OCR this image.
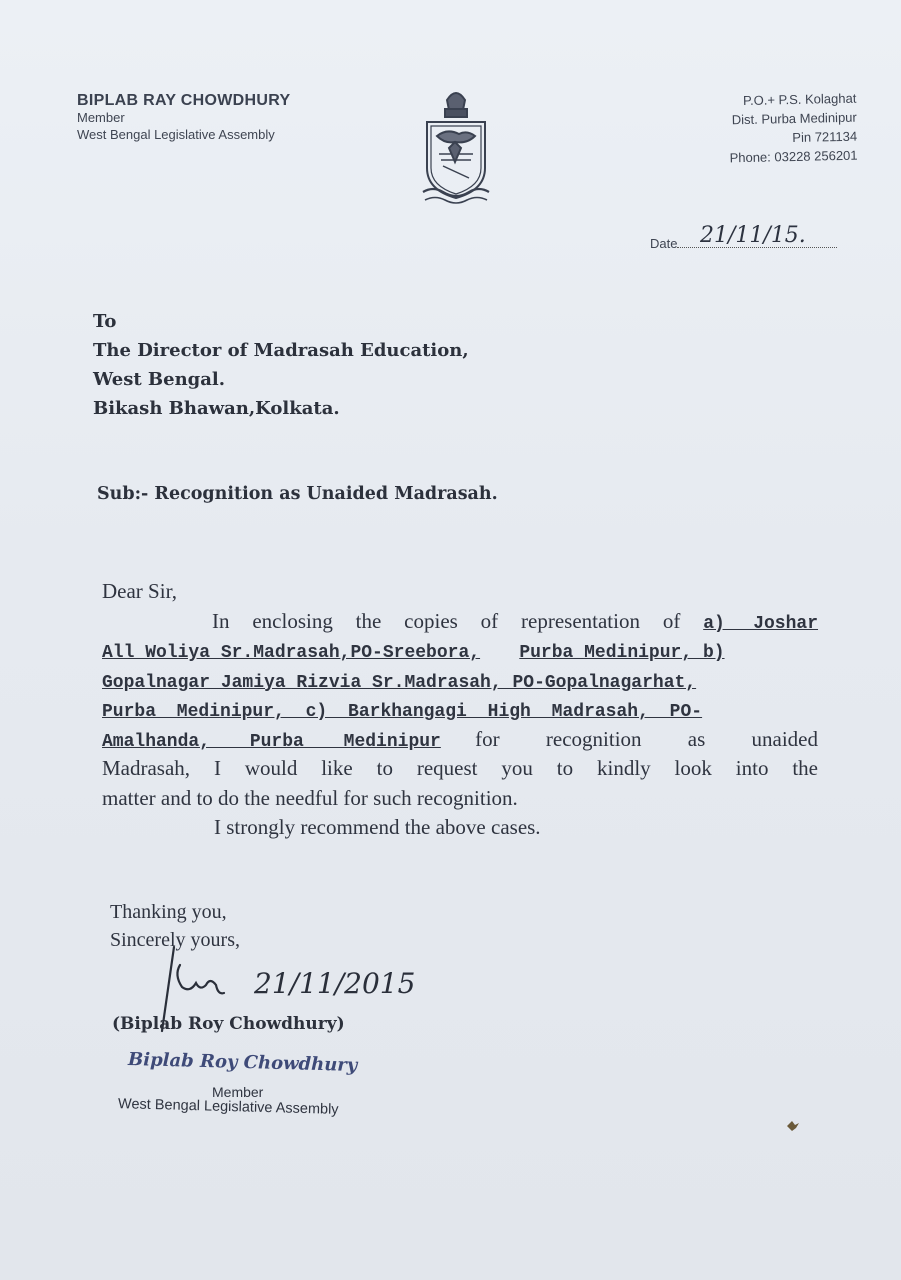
BIPLAB RAY CHOWDHURY
Member
West Bengal Legislative Assembly
P.O.+ P.S. Kolaghat
Dist. Purba Medinipur
Pin 721134
Phone: 03228 256201
Date	21/11/15.
To
The Director of Madrasah Education,
West Bengal.
Bikash Bhawan,Kolkata.
Sub:- Recognition as Unaided Madrasah.
Dear Sir,
In enclosing the copies of representation of a) Joshar
All Woliya Sr.Madrasah,PO-Sreebora, Purba Medinipur, b)
Gopalnagar Jamiya Rizvia Sr.Madrasah, PO-Gopalnagarhat,
Purba Medinipur, c) Barkhangagi High Madrasah, PO-
Amalhanda, Purba Medinipur for recognition as unaided
Madrasah, I would like to request you to kindly look into the
matter and to do the needful for such recognition.
I strongly recommend the above cases.
Thanking you,
Sincerely yours,
21/11/2015
(Biplab Roy Chowdhury)
Biplab Roy Chowdhury
Member
West Bengal Legislative Assembly
